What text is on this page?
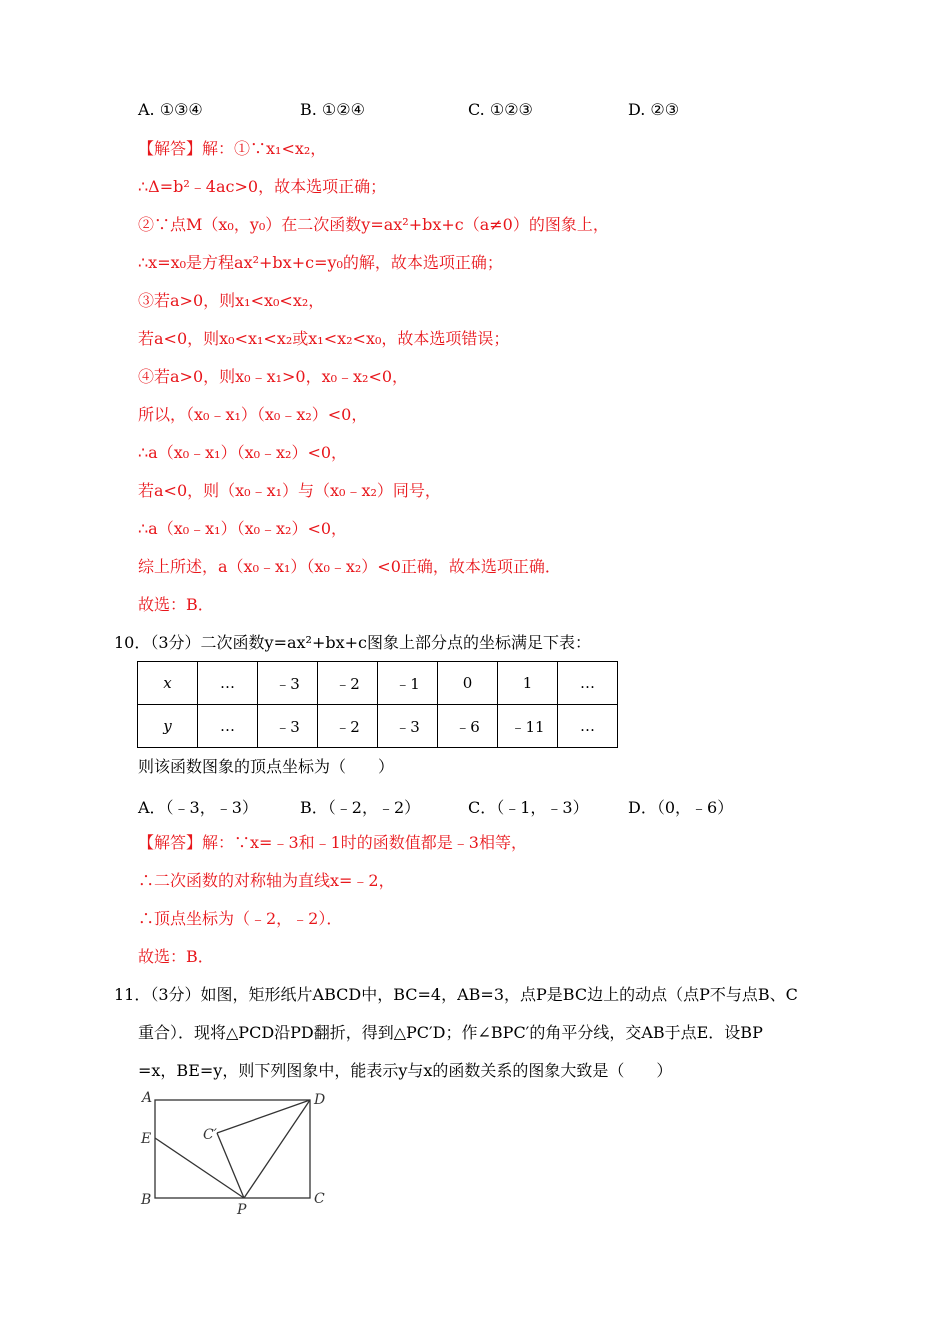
A. ①③④	B. ①②④	C. ①②③	D. ②③
【解答】解：①∵x₁<x₂，
∴Δ=b²﹣4ac>0，故本选项正确；
②∵点M（x₀，y₀）在二次函数y=ax²+bx+c（a≠0）的图象上，
∴x=x₀是方程ax²+bx+c=y₀的解，故本选项正确；
③若a>0，则x₁<x₀<x₂，
若a<0，则x₀<x₁<x₂或x₁<x₂<x₀，故本选项错误；
④若a>0，则x₀﹣x₁>0，x₀﹣x₂<0，
所以，（x₀﹣x₁）（x₀﹣x₂）<0，
∴a（x₀﹣x₁）（x₀﹣x₂）<0，
若a<0，则（x₀﹣x₁）与（x₀﹣x₂）同号，
∴a（x₀﹣x₁）（x₀﹣x₂）<0，
综上所述，a（x₀﹣x₁）（x₀﹣x₂）<0正确，故本选项正确．
故选：B．
10．（3分）二次函数y=ax²+bx+c图象上部分点的坐标满足下表：
x	…	﹣3	﹣2	﹣1	0	1	…
y	…	﹣3	﹣2	﹣3	﹣6	﹣11	…
则该函数图象的顶点坐标为（　　）
A．（﹣3，﹣3）	B．（﹣2，﹣2）	C．（﹣1，﹣3） D．（0，﹣6）
【解答】解：∵x=﹣3和﹣1时的函数值都是﹣3相等，
∴二次函数的对称轴为直线x=﹣2，
∴顶点坐标为（﹣2，﹣2）．
故选：B．
11．（3分）如图，矩形纸片ABCD中，BC=4，AB=3，点P是BC边上的动点（点P不与点B、C
重合）．现将△PCD沿PD翻折，得到△PC′D；作∠BPC′的角平分线，交AB于点E．设BP
=x，BE=y，则下列图象中，能表示y与x的函数关系的图象大致是（　　）
A	D
E	C′
B	C
P
